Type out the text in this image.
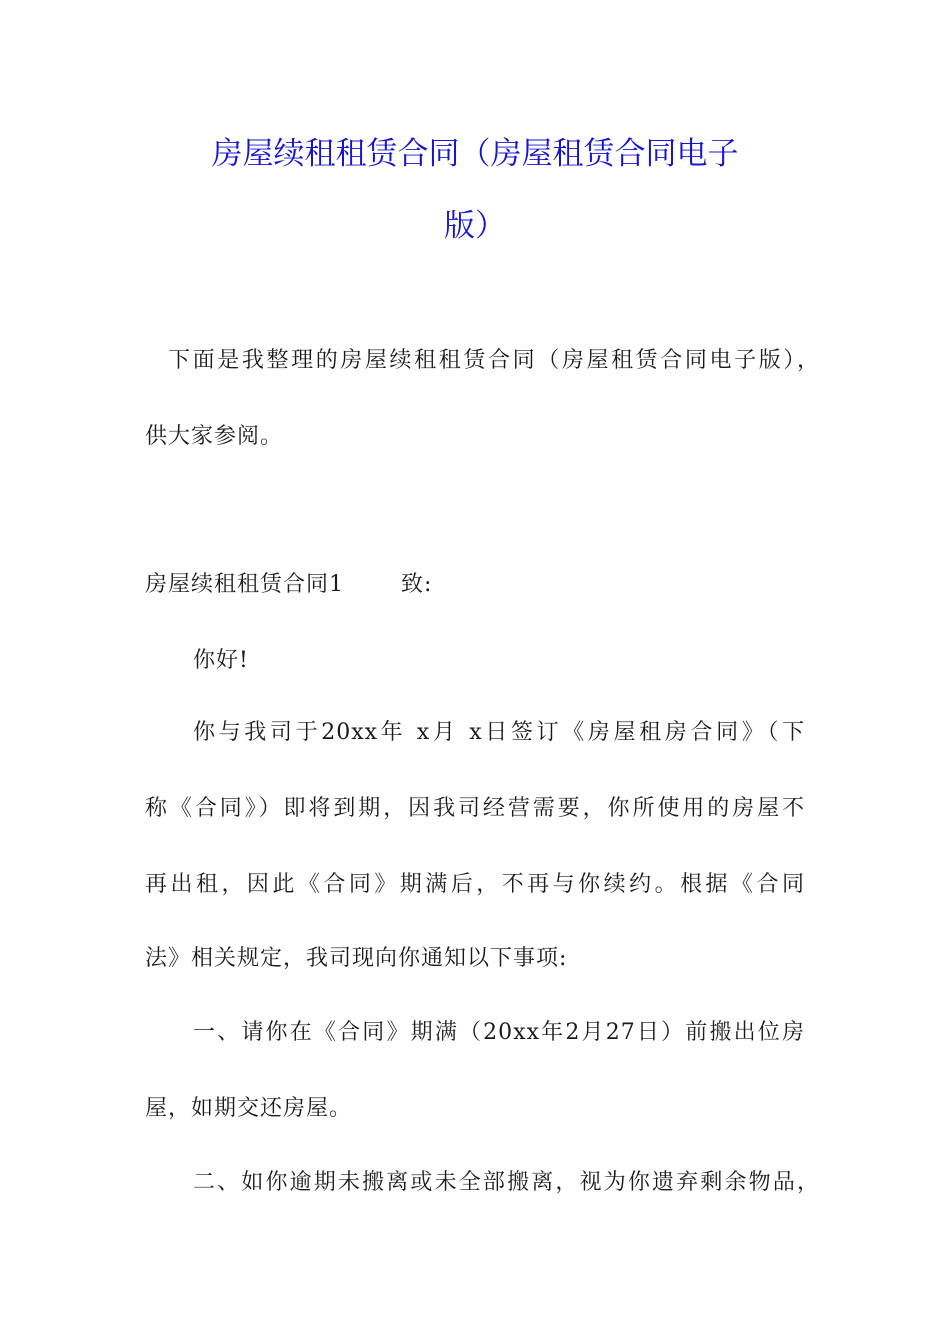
房屋续租租赁合同（房屋租赁合同电子
版）
下面是我整理的房屋续租租赁合同（房屋租赁合同电子版），
供大家参阅。
房屋续租租赁合同1	致:
你好!
你与我司于20xx年 x月 x日签订《房屋租房合同》（下
称《合同》）即将到期，因我司经营需要，你所使用的房屋不
再出租，因此《合同》期满后，不再与你续约。根据《合同
法》相关规定，我司现向你通知以下事项:
一、请你在《合同》期满（20xx年2月27日）前搬出位房
屋，如期交还房屋。
二、如你逾期未搬离或未全部搬离，视为你遗弃剩余物品，
